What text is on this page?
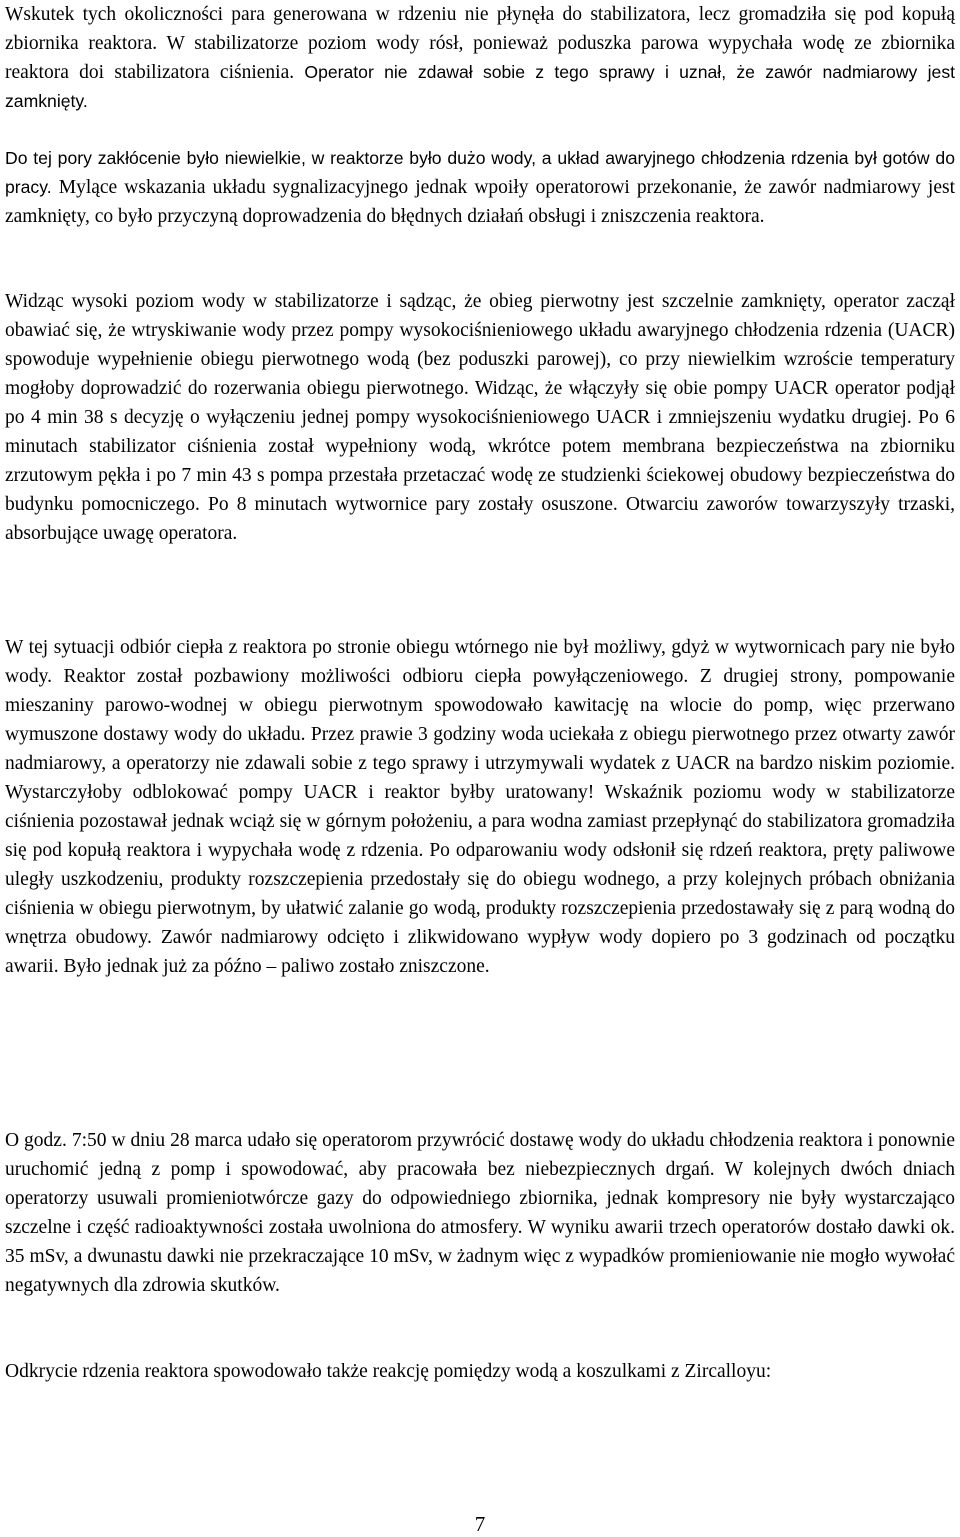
Wskutek tych okoliczności para generowana w rdzeniu nie płynęła do stabilizatora, lecz gromadziła się pod kopułą zbiornika reaktora. W stabilizatorze poziom wody rósł, ponieważ poduszka parowa wypychała wodę ze zbiornika reaktora doi stabilizatora ciśnienia. Operator nie zdawał sobie z tego sprawy i uznał, że zawór nadmiarowy jest zamknięty.

Do tej pory zakłócenie było niewielkie, w reaktorze było dużo wody, a układ awaryjnego chłodzenia rdzenia był gotów do pracy. Mylące wskazania układu sygnalizacyjnego jednak wpoiły operatorowi przekonanie, że zawór nadmiarowy jest zamknięty, co było przyczyną doprowadzenia do błędnych działań obsługi i zniszczenia reaktora.

Widząc wysoki poziom wody w stabilizatorze i sądząc, że obieg pierwotny jest szczelnie zamknięty, operator zaczął obawiać się, że wtryskiwanie wody przez pompy wysokociśnieniowego układu awaryjnego chłodzenia rdzenia (UACR) spowoduje wypełnienie obiegu pierwotnego wodą (bez poduszki parowej), co przy niewielkim wzroście temperatury mogłoby doprowadzić do rozerwania obiegu pierwotnego. Widząc, że włączyły się obie pompy UACR operator podjął po 4 min 38 s decyzję o wyłączeniu jednej pompy wysokociśnieniowego UACR i zmniejszeniu wydatku drugiej. Po 6 minutach stabilizator ciśnienia został wypełniony wodą, wkrótce potem membrana bezpieczeństwa na zbiorniku zrzutowym pękła i po 7 min 43 s pompa przestała przetaczać wodę ze studzienki ściekowej obudowy bezpieczeństwa do budynku pomocniczego. Po 8 minutach wytwornice pary zostały osuszone. Otwarciu zaworów towarzyszyły trzaski, absorbujące uwagę operatora.

W tej sytuacji odbiór ciepła z reaktora po stronie obiegu wtórnego nie był możliwy, gdyż w wytwornicach pary nie było wody. Reaktor został pozbawiony możliwości odbioru ciepła powyłączeniowego. Z drugiej strony, pompowanie mieszaniny parowo-wodnej w obiegu pierwotnym spowodowało kawitację na wlocie do pomp, więc przerwano wymuszone dostawy wody do układu. Przez prawie 3 godziny woda uciekała z obiegu pierwotnego przez otwarty zawór nadmiarowy, a operatorzy nie zdawali sobie z tego sprawy i utrzymywali wydatek z UACR na bardzo niskim poziomie. Wystarczyłoby odblokować pompy UACR i reaktor byłby uratowany! Wskaźnik poziomu wody w stabilizatorze ciśnienia pozostawał jednak wciąż się w górnym położeniu, a para wodna zamiast przepłynąć do stabilizatora gromadziła się pod kopułą reaktora i wypychała wodę z rdzenia. Po odparowaniu wody odsłonił się rdzeń reaktora, pręty paliwowe uległy uszkodzeniu, produkty rozszczepienia przedostały się do obiegu wodnego, a przy kolejnych próbach obniżania ciśnienia w obiegu pierwotnym, by ułatwić zalanie go wodą, produkty rozszczepienia przedostawały się z parą wodną do wnętrza obudowy. Zawór nadmiarowy odcięto i zlikwidowano wypływ wody dopiero po 3 godzinach od początku awarii. Było jednak już za późno – paliwo zostało zniszczone.

O godz. 7:50 w dniu 28 marca udało się operatorom przywrócić dostawę wody do układu chłodzenia reaktora i ponownie uruchomić jedną z pomp i spowodować, aby pracowała bez niebezpiecznych drgań. W kolejnych dwóch dniach operatorzy usuwali promieniotwórcze gazy do odpowiedniego zbiornika, jednak kompresory nie były wystarczająco szczelne i część radioaktywności została uwolniona do atmosfery. W wyniku awarii trzech operatorów dostało dawki ok. 35 mSv, a dwunastu dawki nie przekraczające 10 mSv, w żadnym więc z wypadków promieniowanie nie mogło wywołać negatywnych dla zdrowia skutków.

Odkrycie rdzenia reaktora spowodowało także reakcję pomiędzy wodą a koszulkami z Zircalloyu:

7
